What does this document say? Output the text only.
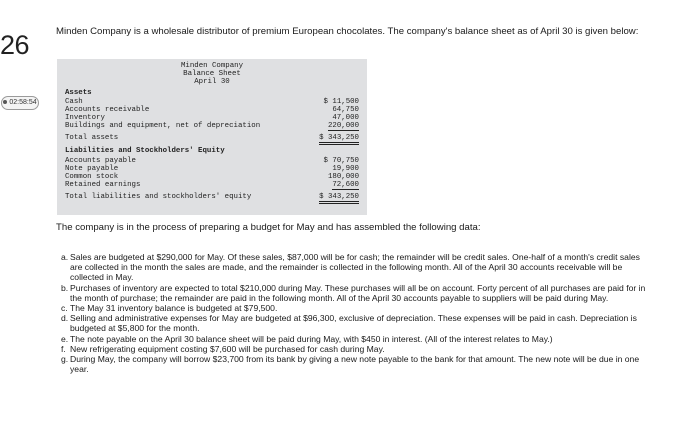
26
02:58:54
Minden Company is a wholesale distributor of premium European chocolates. The company's balance sheet as of April 30 is given below:
Minden Company
Balance Sheet
April 30
Assets
Cash	$ 11,500
Accounts receivable	64,750
Inventory	47,000
Buildings and equipment, net of depreciation	220,000
Total assets	$ 343,250
Liabilities and Stockholders' Equity
Accounts payable	$ 70,750
Note payable	19,900
Common stock	180,000
Retained earnings	72,600
Total liabilities and stockholders' equity	$ 343,250
The company is in the process of preparing a budget for May and has assembled the following data:
a. Sales are budgeted at $290,000 for May. Of these sales, $87,000 will be for cash; the remainder will be credit sales. One-half of a month's credit sales are collected in the month the sales are made, and the remainder is collected in the following month. All of the April 30 accounts receivable will be collected in May.
b. Purchases of inventory are expected to total $210,000 during May. These purchases will all be on account. Forty percent of all purchases are paid for in the month of purchase; the remainder are paid in the following month. All of the April 30 accounts payable to suppliers will be paid during May.
c. The May 31 inventory balance is budgeted at $79,500.
d. Selling and administrative expenses for May are budgeted at $96,300, exclusive of depreciation. These expenses will be paid in cash. Depreciation is budgeted at $5,800 for the month.
e. The note payable on the April 30 balance sheet will be paid during May, with $450 in interest. (All of the interest relates to May.)
f. New refrigerating equipment costing $7,600 will be purchased for cash during May.
g. During May, the company will borrow $23,700 from its bank by giving a new note payable to the bank for that amount. The new note will be due in one year.
